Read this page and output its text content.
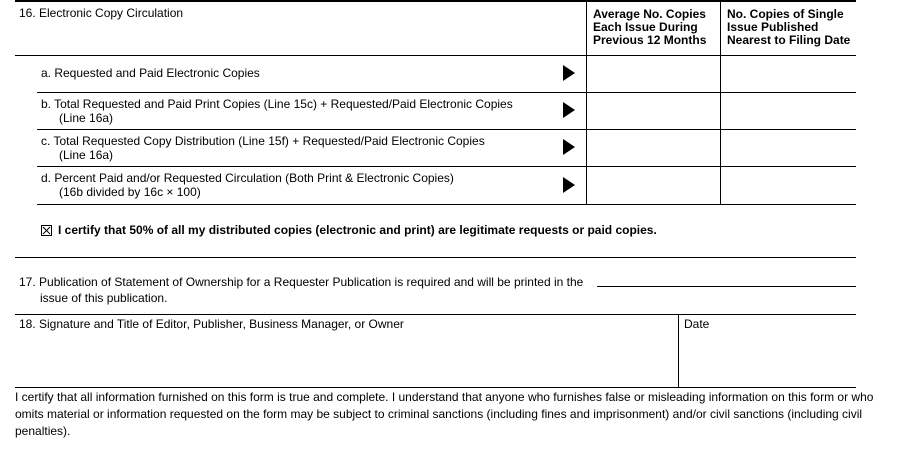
16. Electronic Copy Circulation	Average No. Copies
Each Issue During
Previous 12 Months
No. Copies of Single
Issue Published
Nearest to Filing Date
a. Requested and Paid Electronic Copies
b. Total Requested and Paid Print Copies (Line 15c) + Requested/Paid Electronic Copies
(Line 16a)
c. Total Requested Copy Distribution (Line 15f) + Requested/Paid Electronic Copies
(Line 16a)
d. Percent Paid and/or Requested Circulation (Both Print & Electronic Copies)
(16b divided by 16c × 100)
I certify that 50% of all my distributed copies (electronic and print) are legitimate requests or paid copies.
17. Publication of Statement of Ownership for a Requester Publication is required and will be printed in the
issue of this publication.
18. Signature and Title of Editor, Publisher, Business Manager, or Owner	Date
I certify that all information furnished on this form is true and complete. I understand that anyone who furnishes false or misleading information on this form or who omits material or information requested on the form may be subject to criminal sanctions (including fines and imprisonment) and/or civil sanctions (including civil penalties).
